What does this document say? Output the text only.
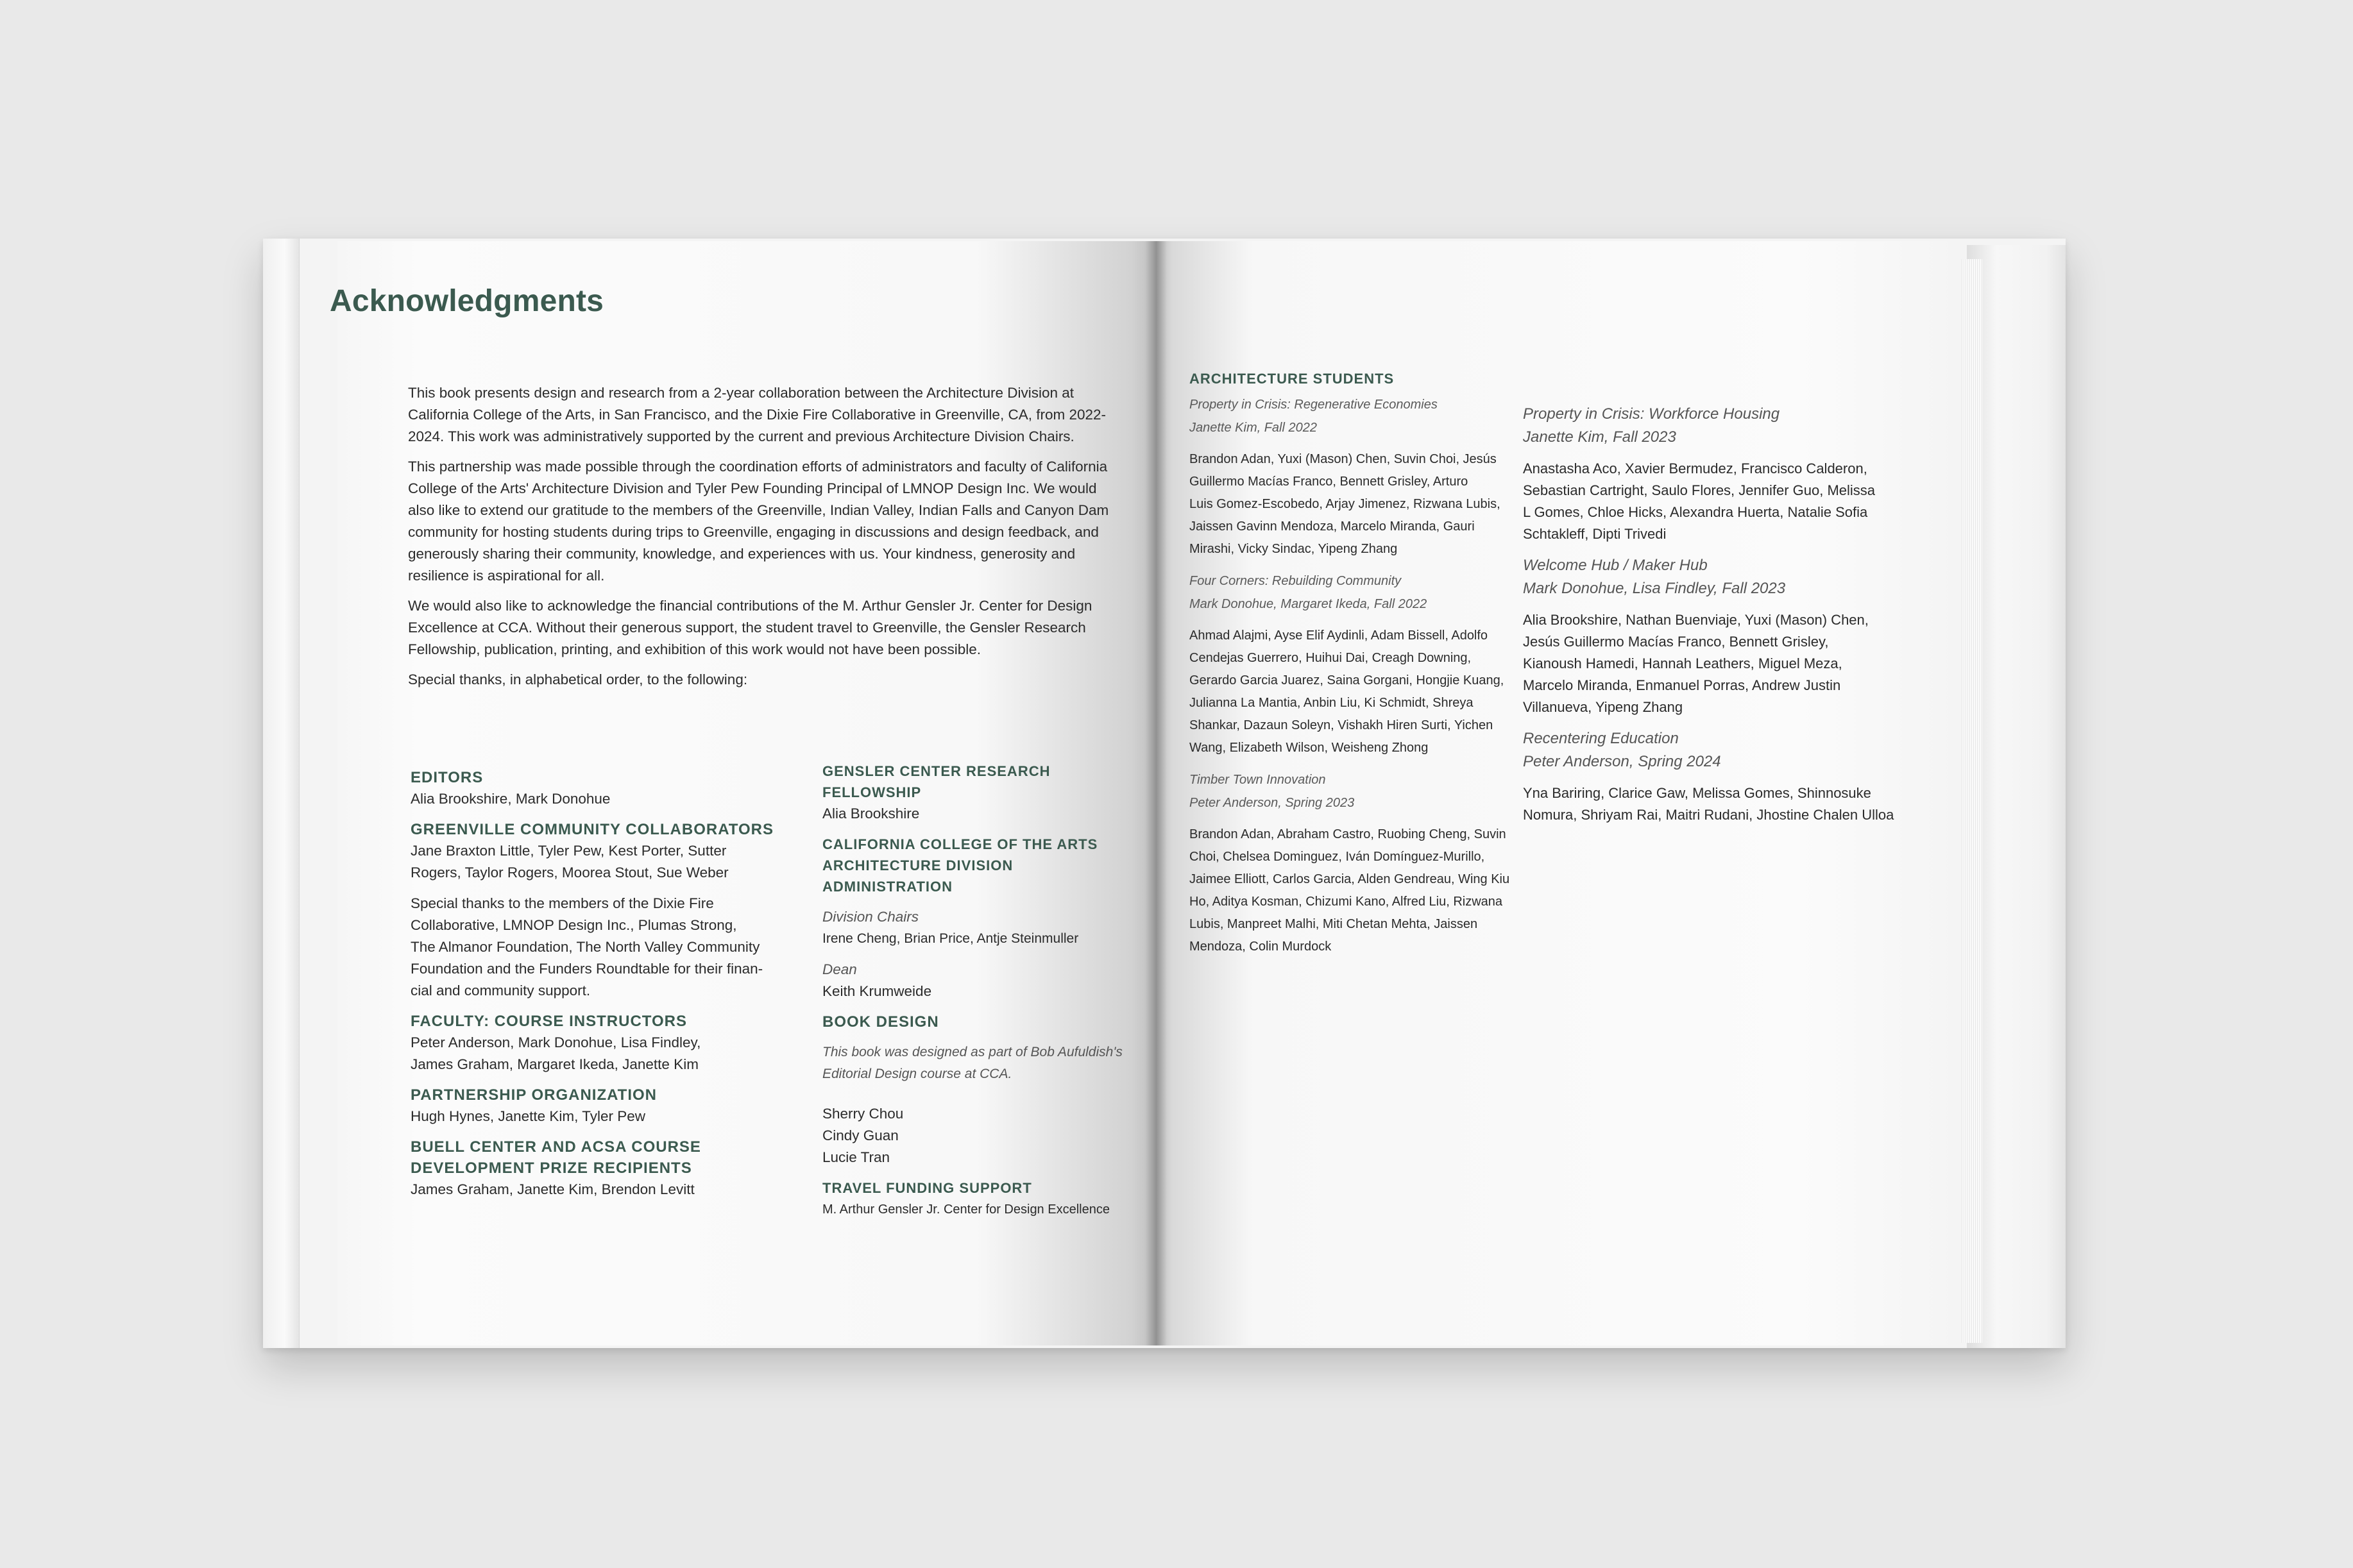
Acknowledgments

This book presents design and research from a 2-year collaboration between the Architecture Division at California College of the Arts, in San Francisco, and the Dixie Fire Collaborative in Greenville, CA, from 2022-2024. This work was administratively supported by the current and previous Architecture Division Chairs.

This partnership was made possible through the coordination efforts of administrators and faculty of California College of the Arts' Architecture Division and Tyler Pew Founding Principal of LMNOP Design Inc. We would also like to extend our gratitude to the members of the Greenville, Indian Valley, Indian Falls and Canyon Dam community for hosting students during trips to Greenville, engaging in discussions and design feedback, and generously sharing their community, knowledge, and experiences with us. Your kindness, generosity and resilience is aspirational for all.

We would also like to acknowledge the financial contributions of the M. Arthur Gensler Jr. Center for Design Excellence at CCA. Without their generous support, the student travel to Greenville, the Gensler Research Fellowship, publication, printing, and exhibition of this work would not have been possible.

Special thanks, in alphabetical order, to the following:

EDITORS

Alia Brookshire, Mark Donohue

GREENVILLE COMMUNITY COLLABORATORS

Jane Braxton Little, Tyler Pew, Kest Porter, Sutter

Rogers, Taylor Rogers, Moorea Stout, Sue Weber

Special thanks to the members of the Dixie Fire

Collaborative, LMNOP Design Inc., Plumas Strong,

The Almanor Foundation, The North Valley Community

Foundation and the Funders Roundtable for their finan-

cial and community support.

FACULTY: COURSE INSTRUCTORS

Peter Anderson, Mark Donohue, Lisa Findley,

James Graham, Margaret Ikeda, Janette Kim

PARTNERSHIP ORGANIZATION

Hugh Hynes, Janette Kim, Tyler Pew

BUELL CENTER AND ACSA COURSE
DEVELOPMENT PRIZE RECIPIENTS

James Graham, Janette Kim, Brendon Levitt

GENSLER CENTER RESEARCH FELLOWSHIP

Alia Brookshire

CALIFORNIA COLLEGE OF THE ARTS
ARCHITECTURE DIVISION ADMINISTRATION

Division Chairs

Irene Cheng, Brian Price, Antje Steinmuller

Dean

Keith Krumweide

BOOK DESIGN

This book was designed as part of Bob Aufuldish's

Editorial Design course at CCA.

Sherry Chou

Cindy Guan

Lucie Tran

TRAVEL FUNDING SUPPORT

M. Arthur Gensler Jr. Center for Design Excellence

ARCHITECTURE STUDENTS

Property in Crisis: Regenerative Economies

Janette Kim, Fall 2022

Brandon Adan, Yuxi (Mason) Chen, Suvin Choi, Jesús

Guillermo Macías Franco, Bennett Grisley, Arturo

Luis Gomez-Escobedo, Arjay Jimenez, Rizwana Lubis,

Jaissen Gavinn Mendoza, Marcelo Miranda, Gauri

Mirashi, Vicky Sindac, Yipeng Zhang

Four Corners: Rebuilding Community

Mark Donohue, Margaret Ikeda, Fall 2022

Ahmad Alajmi, Ayse Elif Aydinli, Adam Bissell, Adolfo

Cendejas Guerrero, Huihui Dai, Creagh Downing,

Gerardo Garcia Juarez, Saina Gorgani, Hongjie Kuang,

Julianna La Mantia, Anbin Liu, Ki Schmidt, Shreya

Shankar, Dazaun Soleyn, Vishakh Hiren Surti, Yichen

Wang, Elizabeth Wilson, Weisheng Zhong

Timber Town Innovation

Peter Anderson, Spring 2023

Brandon Adan, Abraham Castro, Ruobing Cheng, Suvin

Choi, Chelsea Dominguez, Iván Domínguez-Murillo,

Jaimee Elliott, Carlos Garcia, Alden Gendreau, Wing Kiu

Ho, Aditya Kosman, Chizumi Kano, Alfred Liu, Rizwana

Lubis, Manpreet Malhi, Miti Chetan Mehta, Jaissen

Mendoza, Colin Murdock

Property in Crisis: Workforce Housing

Janette Kim, Fall 2023

Anastasha Aco, Xavier Bermudez, Francisco Calderon,

Sebastian Cartright, Saulo Flores, Jennifer Guo, Melissa

L Gomes, Chloe Hicks, Alexandra Huerta, Natalie Sofia

Schtakleff, Dipti Trivedi

Welcome Hub / Maker Hub

Mark Donohue, Lisa Findley, Fall 2023

Alia Brookshire, Nathan Buenviaje, Yuxi (Mason) Chen,

Jesús Guillermo Macías Franco, Bennett Grisley,

Kianoush Hamedi, Hannah Leathers, Miguel Meza,

Marcelo Miranda, Enmanuel Porras, Andrew Justin

Villanueva, Yipeng Zhang

Recentering Education

Peter Anderson, Spring 2024

Yna Bariring, Clarice Gaw, Melissa Gomes, Shinnosuke

Nomura, Shriyam Rai, Maitri Rudani, Jhostine Chalen Ulloa
